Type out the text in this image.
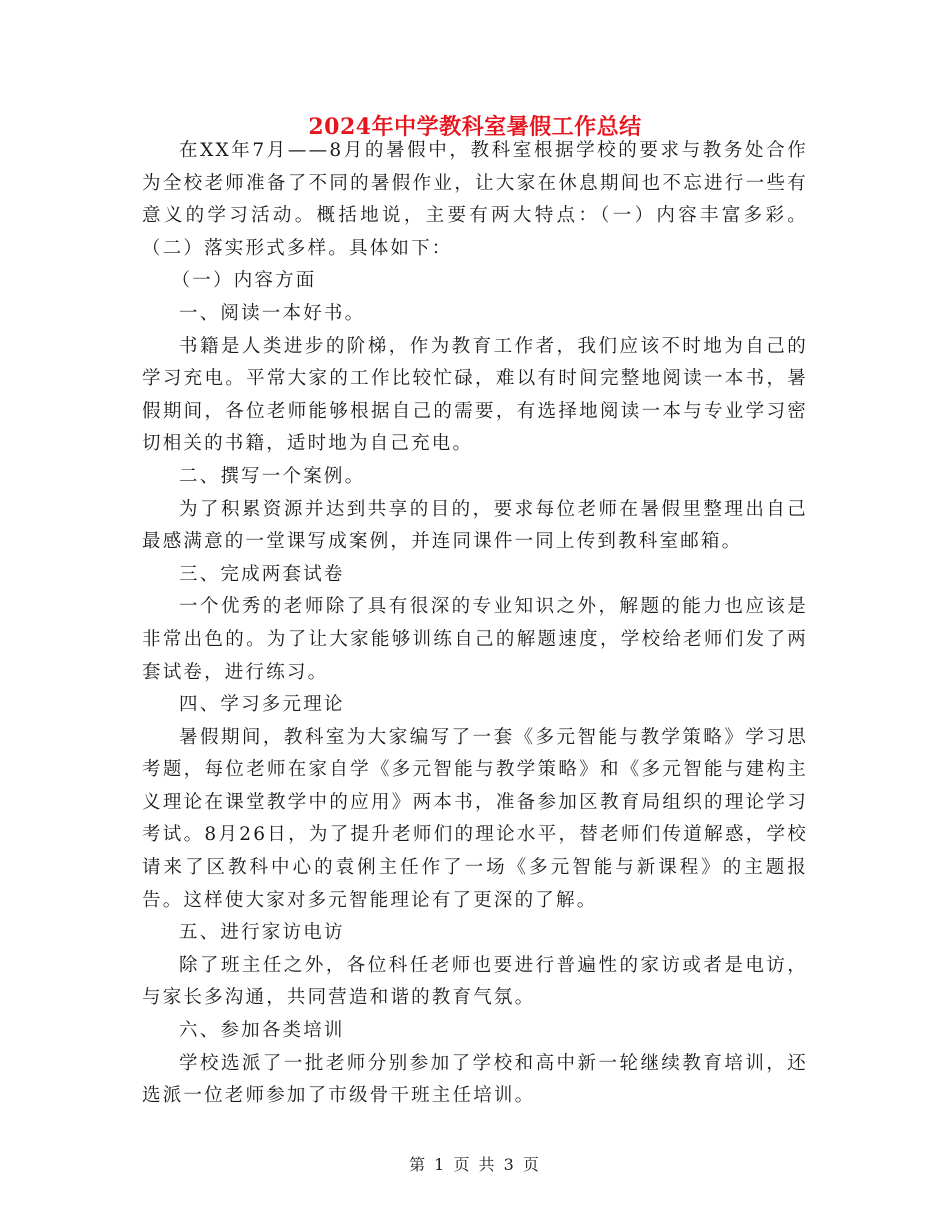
2024年中学教科室暑假工作总结

在XX年7月——8月的暑假中，教科室根据学校的要求与教务处合作为全校老师准备了不同的暑假作业，让大家在休息期间也不忘进行一些有意义的学习活动。概括地说，主要有两大特点：（一）内容丰富多彩。（二）落实形式多样。具体如下：

（一）内容方面

一、阅读一本好书。

书籍是人类进步的阶梯，作为教育工作者，我们应该不时地为自己的学习充电。平常大家的工作比较忙碌，难以有时间完整地阅读一本书，暑假期间，各位老师能够根据自己的需要，有选择地阅读一本与专业学习密切相关的书籍，适时地为自己充电。

二、撰写一个案例。

为了积累资源并达到共享的目的，要求每位老师在暑假里整理出自己最感满意的一堂课写成案例，并连同课件一同上传到教科室邮箱。

三、完成两套试卷

一个优秀的老师除了具有很深的专业知识之外，解题的能力也应该是非常出色的。为了让大家能够训练自己的解题速度，学校给老师们发了两套试卷，进行练习。

四、学习多元理论

暑假期间，教科室为大家编写了一套《多元智能与教学策略》学习思考题，每位老师在家自学《多元智能与教学策略》和《多元智能与建构主义理论在课堂教学中的应用》两本书，准备参加区教育局组织的理论学习考试。8月26日，为了提升老师们的理论水平，替老师们传道解惑，学校请来了区教科中心的袁俐主任作了一场《多元智能与新课程》的主题报告。这样使大家对多元智能理论有了更深的了解。

五、进行家访电访

除了班主任之外，各位科任老师也要进行普遍性的家访或者是电访，与家长多沟通，共同营造和谐的教育气氛。

六、参加各类培训

学校选派了一批老师分别参加了学校和高中新一轮继续教育培训，还选派一位老师参加了市级骨干班主任培训。

第 1 页 共 3 页
